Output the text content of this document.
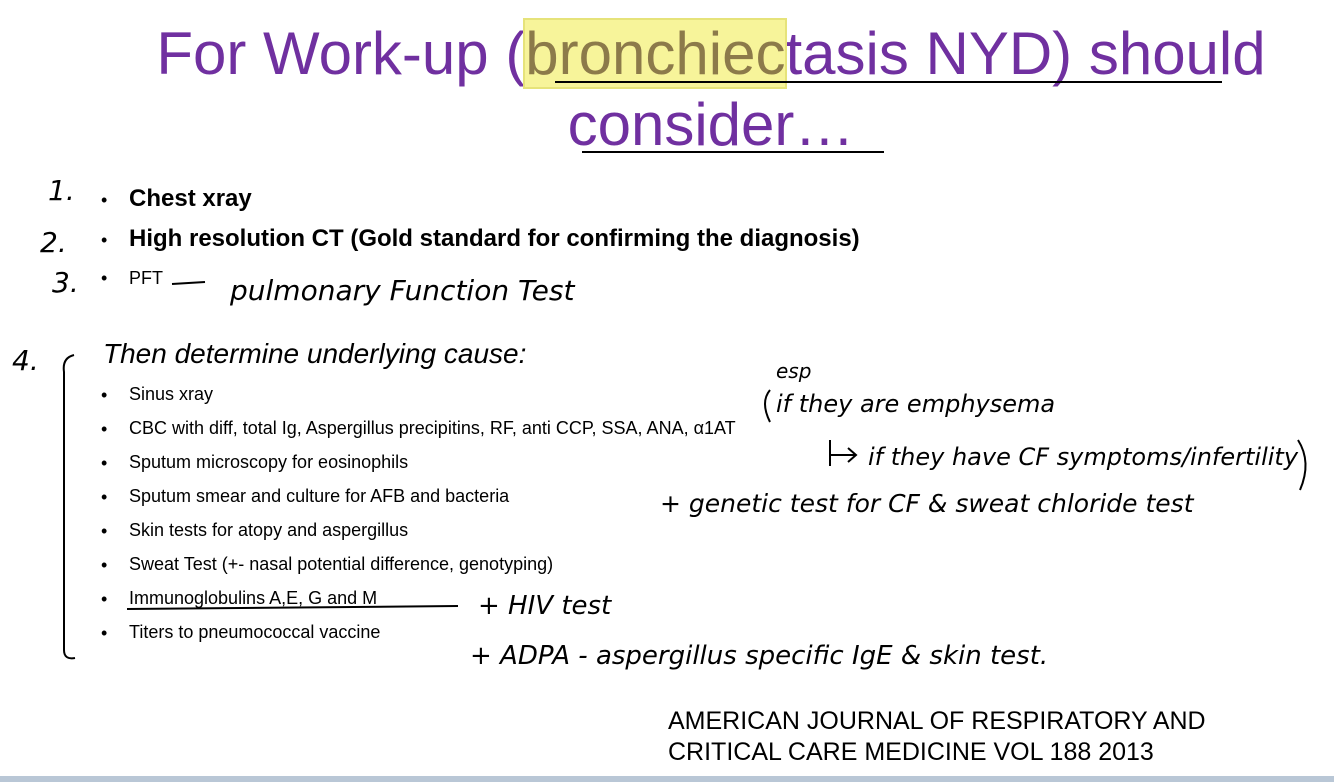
For Work-up (bronchiectasis NYD) should
consider…
• Chest xray
• High resolution CT (Gold standard for confirming the diagnosis)
• PFT
Then determine underlying cause:
• Sinus xray
• CBC with diff, total Ig, Aspergillus precipitins, RF, anti CCP, SSA, ANA, α1AT
• Sputum microscopy for eosinophils
• Sputum smear and culture for AFB and bacteria
• Skin tests for atopy and aspergillus
• Sweat Test (+- nasal potential difference, genotyping)
• Immunoglobulins A,E, G and M
• Titers to pneumococcal vaccine
AMERICAN JOURNAL OF RESPIRATORY AND
CRITICAL CARE MEDICINE VOL 188 2013
1.
2.
3.
4.
pulmonary Function Test
esp
if they are emphysema
if they have CF symptoms/infertility
+ genetic test for CF & sweat chloride test
+ HIV test
+ ADPA - aspergillus specific IgE & skin test.
